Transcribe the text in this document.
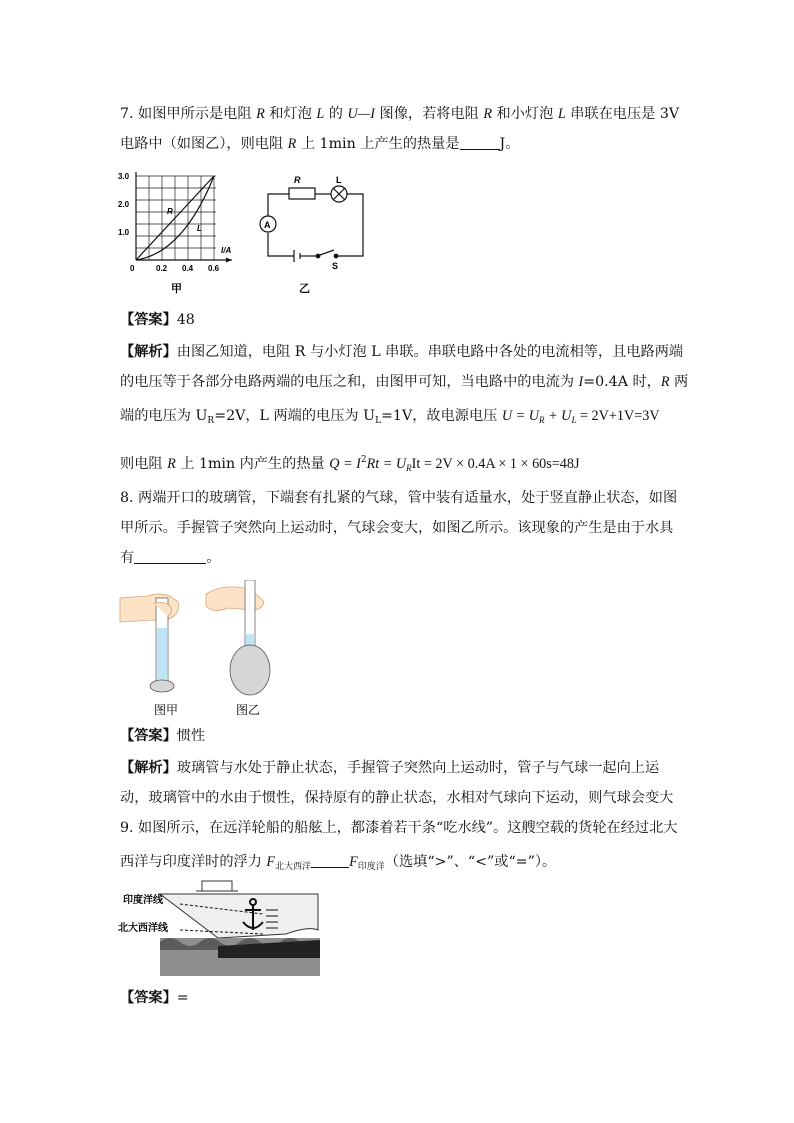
7. 如图甲所示是电阻 R 和灯泡 L 的 U—I 图像，若将电阻 R 和小灯泡 L 串联在电压是 3V
电路中（如图乙），则电阻 R 上 1min 上产生的热量是	J。
3.0
2.0
1.0
0	0.2 0.4 0.6
I/A
R
L
甲
R	L
A
S
乙
【答案】48
【解析】由图乙知道，电阻 R 与小灯泡 L 串联。串联电路中各处的电流相等，且电路两端
的电压等于各部分电路两端的电压之和，由图甲可知，当电路中的电流为 I=0.4A 时，R 两
端的电压为 $U_R=2V$，L 两端的电压为 $U_L=1V$，故电源电压 $U = U_R + U_L = 2V+1V=3V$
则电阻 R 上 1min 内产生的热量 $Q = I^2Rt = U_RIt = 2V \times 0.4A \times 1 \times 60s=48J$
8. 两端开口的玻璃管，下端套有扎紧的气球，管中装有适量水，处于竖直静止状态，如图
甲所示。手握管子突然向上运动时，气球会变大，如图乙所示。该现象的产生是由于水具
有	。
图甲	图乙
【答案】惯性
【解析】玻璃管与水处于静止状态，手握管子突然向上运动时，管子与气球一起向上运
动，玻璃管中的水由于惯性，保持原有的静止状态，水相对气球向下运动，则气球会变大
9. 如图所示，在远洋轮船的船舷上，都漆着若干条“吃水线”。这艘空载的货轮在经过北大
西洋与印度洋时的浮力 $F_{北大西洋}$	$F_{印度洋}$（选填“>”、“<”或“=”）。
印度洋线
北大西洋线
【答案】=
